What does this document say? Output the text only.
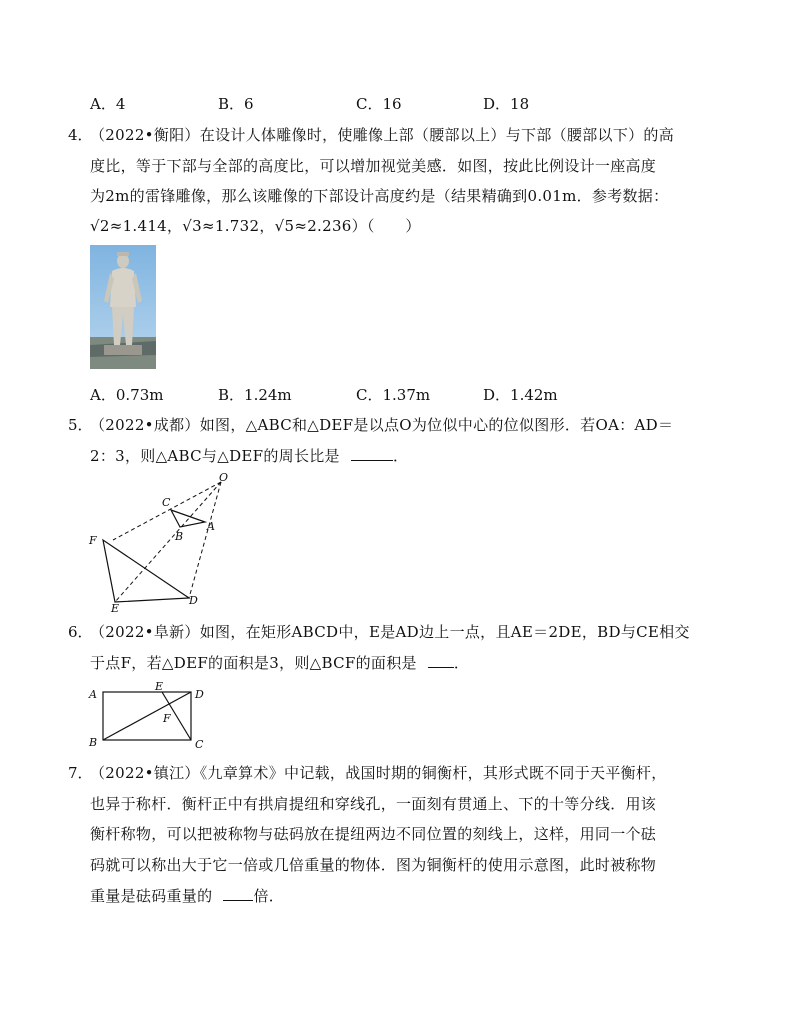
A．4	B．6	C．16	D．18
4．
（2022•衡阳）在设计人体雕像时，使雕像上部（腰部以上）与下部（腰部以下）的高
度比，等于下部与全部的高度比，可以增加视觉美感．如图，按此比例设计一座高度
为2m的雷锋雕像，那么该雕像的下部设计高度约是（结果精确到0.01m．参考数据：
√2≈1.414，√3≈1.732，√5≈2.236）（　　）
A．0.73m	B．1.24m	C．1.37m	D．1.42m
5．
（2022•成都）如图，△ABC和△DEF是以点O为位似中心的位似图形．若OA：AD＝
2：3，则△ABC与△DEF的周长比是	．
O
C
A
B
F
E
D
6．
（2022•阜新）如图，在矩形ABCD中，E是AD边上一点，且AE＝2DE，BD与CE相交
于点F，若△DEF的面积是3，则△BCF的面积是 ．
A
E
D
F
B	C
7．
（2022•镇江）《九章算术》中记载，战国时期的铜衡杆，其形式既不同于天平衡杆，
也异于称杆．衡杆正中有拱肩提纽和穿线孔，一面刻有贯通上、下的十等分线．用该
衡杆称物，可以把被称物与砝码放在提纽两边不同位置的刻线上，这样，用同一个砝
码就可以称出大于它一倍或几倍重量的物体．图为铜衡杆的使用示意图，此时被称物
重量是砝码重量的	倍．
